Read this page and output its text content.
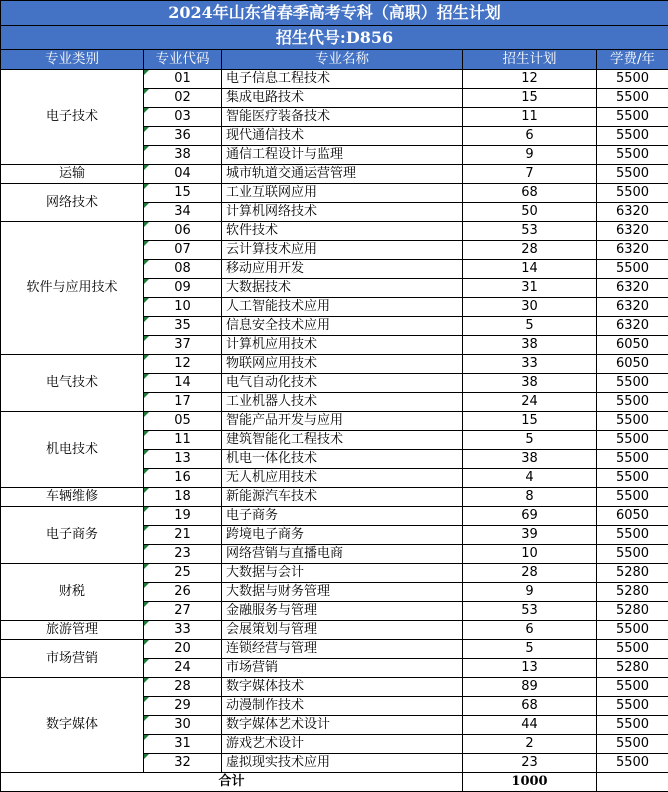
2024年山东省春季高考专科（高职）招生计划				
招生代号:D856				
专业类别	专业代码	专业名称	招生计划	学费/年
电子技术	01	电子信息工程技术	12	5500
	02	集成电路技术	15	5500
	03	智能医疗装备技术	11	5500
	36	现代通信技术	6	5500
	38	通信工程设计与监理	9	5500
运输	04	城市轨道交通运营管理	7	5500
网络技术	15	工业互联网应用	68	5500
	34	计算机网络技术	50	6320
软件与应用技术	06	软件技术	53	6320
	07	云计算技术应用	28	6320
	08	移动应用开发	14	5500
	09	大数据技术	31	6320
	10	人工智能技术应用	30	6320
	35	信息安全技术应用	5	6320
	37	计算机应用技术	38	6050
电气技术	12	物联网应用技术	33	6050
	14	电气自动化技术	38	5500
	17	工业机器人技术	24	5500
机电技术	05	智能产品开发与应用	15	5500
	11	建筑智能化工程技术	5	5500
	13	机电一体化技术	38	5500
	16	无人机应用技术	4	5500
车辆维修	18	新能源汽车技术	8	5500
电子商务	19	电子商务	69	6050
	21	跨境电子商务	39	5500
	23	网络营销与直播电商	10	5500
财税	25	大数据与会计	28	5280
	26	大数据与财务管理	9	5280
	27	金融服务与管理	53	5280
旅游管理	33	会展策划与管理	6	5500
市场营销	20	连锁经营与管理	5	5500
	24	市场营销	13	5280
数字媒体	28	数字媒体技术	89	5500
	29	动漫制作技术	68	5500
	30	数字媒体艺术设计	44	5500
	31	游戏艺术设计	2	5500
	32	虚拟现实技术应用	23	5500
合计			1000	
